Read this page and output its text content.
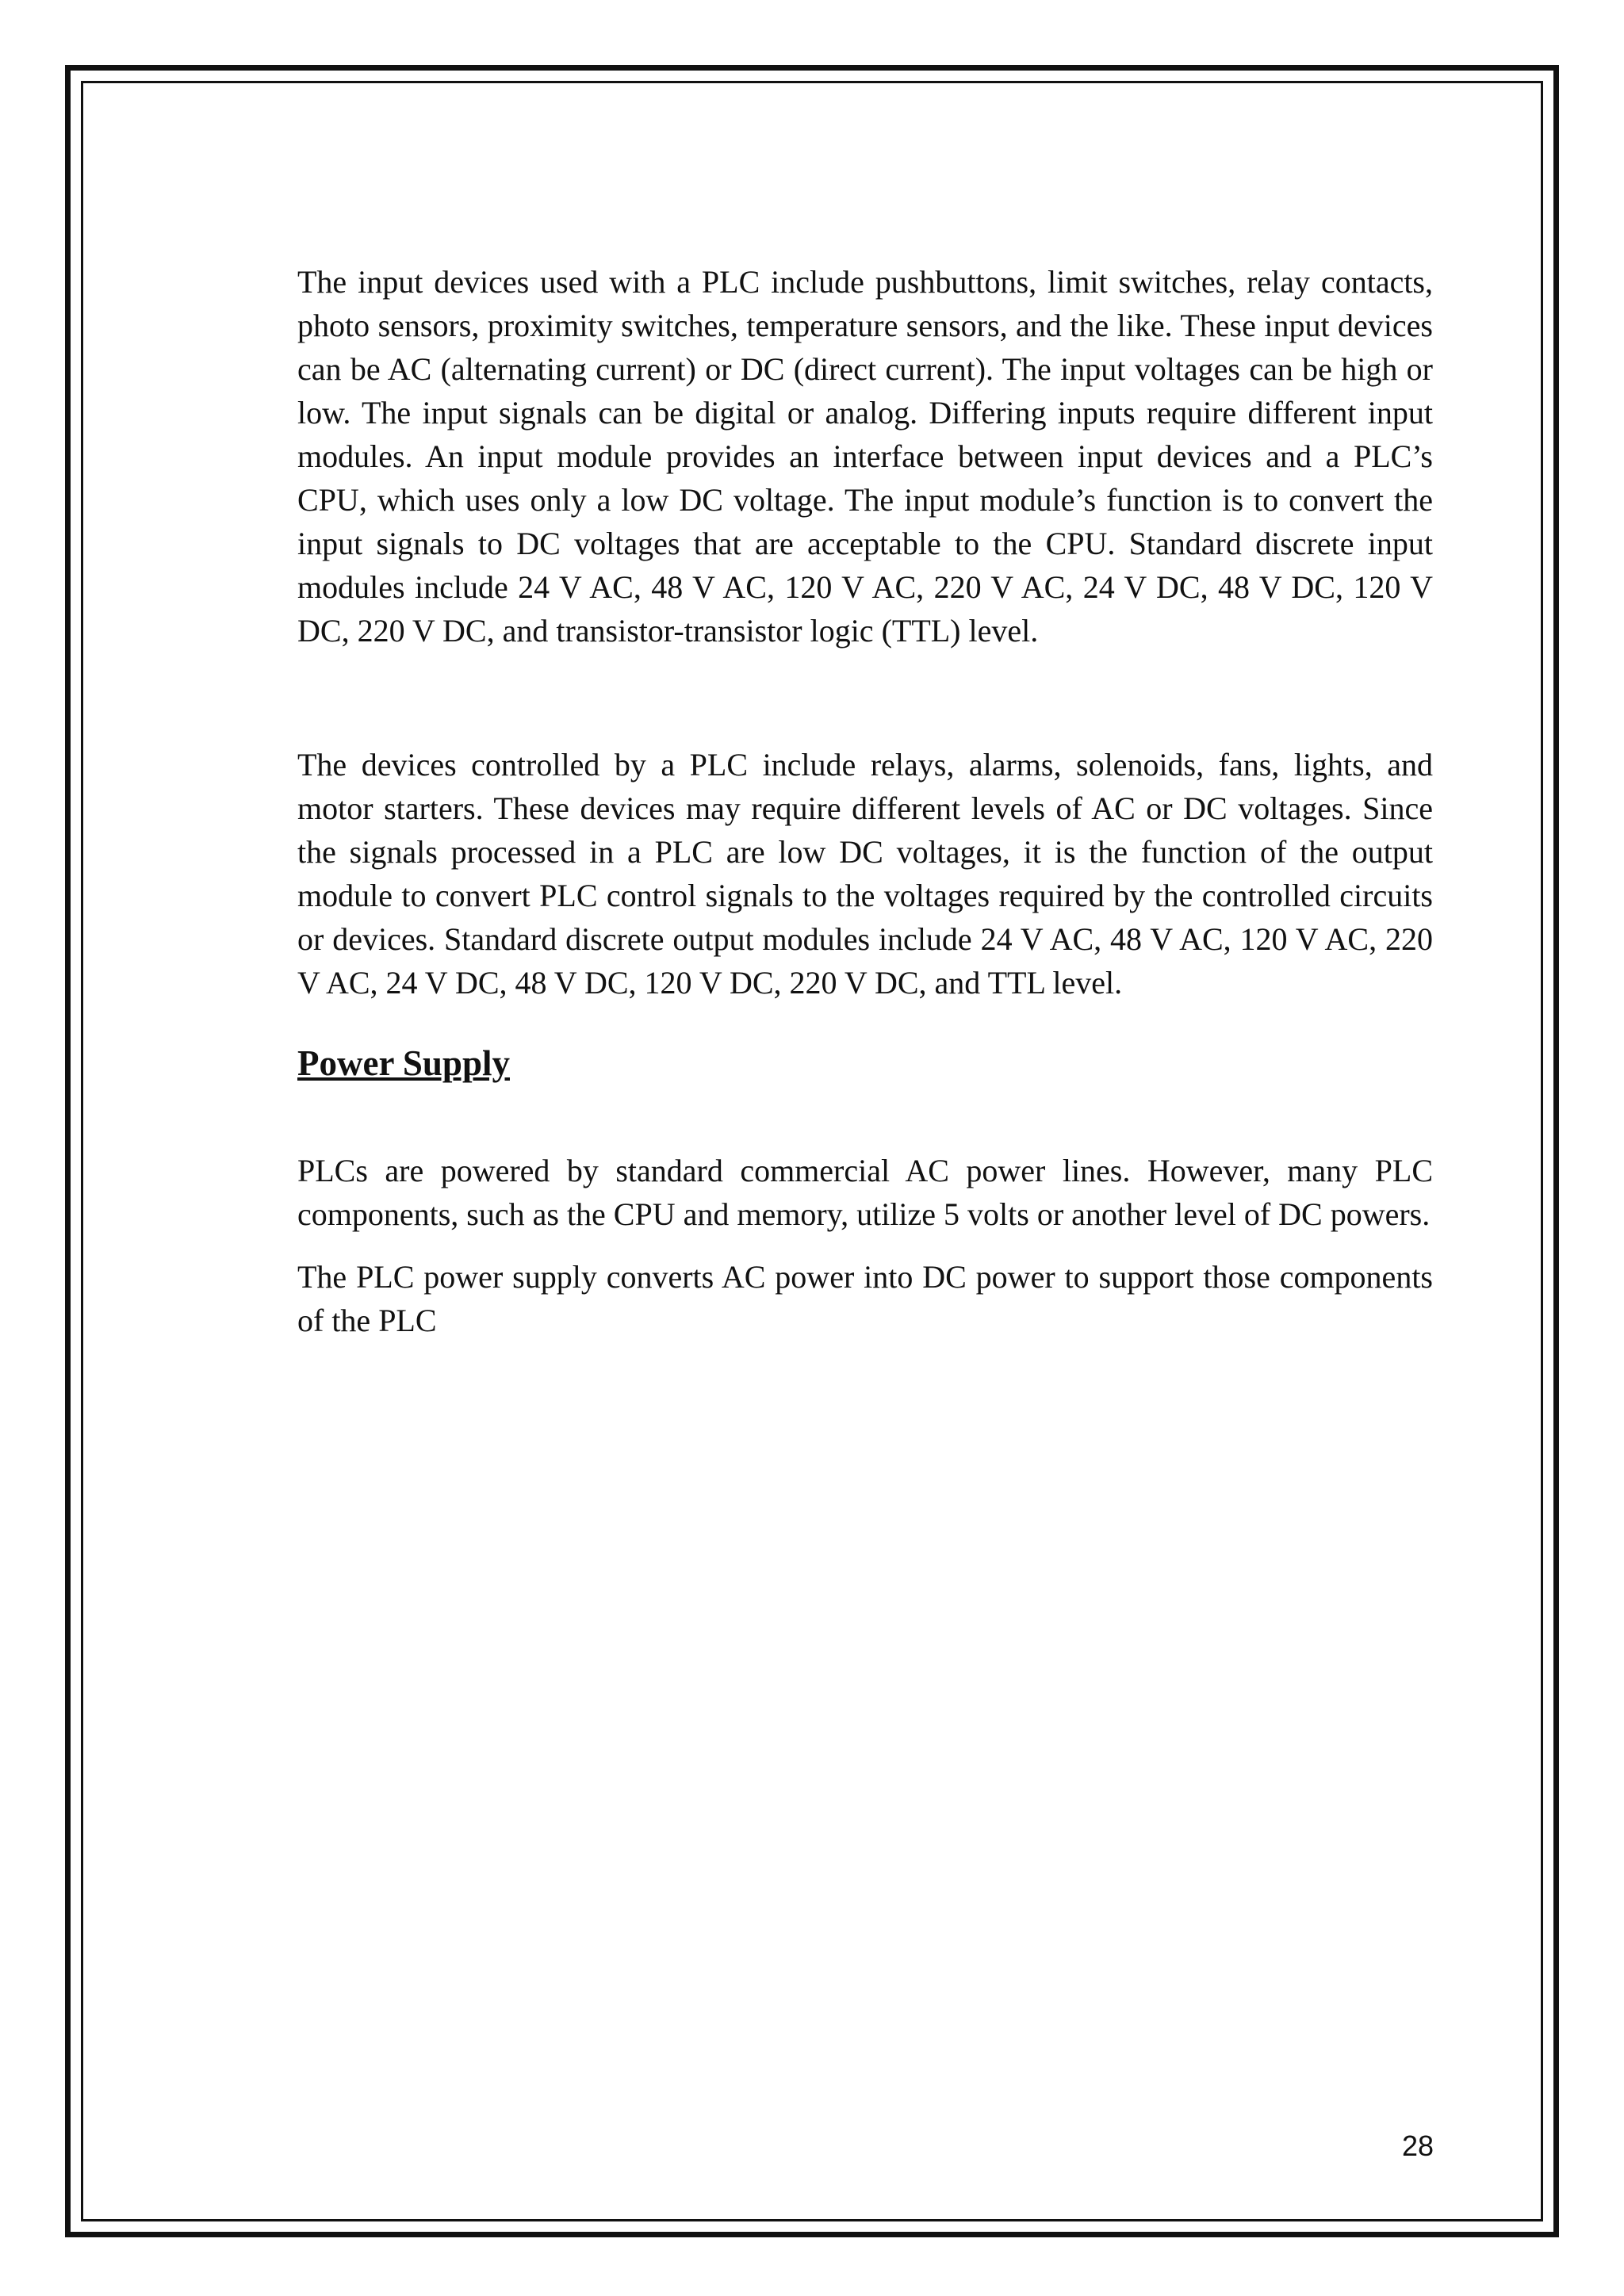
The input devices used with a PLC include pushbuttons, limit switches, relay contacts, photo sensors, proximity switches, temperature sensors, and the like. These input devices can be AC (alternating current) or DC (direct current). The input voltages can be high or low. The input signals can be digital or analog. Differing inputs require different input modules. An input module provides an interface between input devices and a PLC’s CPU, which uses only a low DC voltage. The input module’s function is to convert the input signals to DC voltages that are acceptable to the CPU. Standard discrete input modules include 24 V AC, 48 V AC, 120 V AC, 220 V AC, 24 V DC, 48 V DC, 120 V DC, 220 V DC, and transistor-transistor logic (TTL) level.

The devices controlled by a PLC include relays, alarms, solenoids, fans, lights, and motor starters. These devices may require different levels of AC or DC voltages. Since the signals processed in a PLC are low DC voltages, it is the function of the output module to convert PLC control signals to the voltages required by the controlled circuits or devices. Standard discrete output modules include 24 V AC, 48 V AC, 120 V AC, 220 V AC, 24 V DC, 48 V DC, 120 V DC, 220 V DC, and TTL level.

Power Supply

PLCs are powered by standard commercial AC power lines. However, many PLC components, such as the CPU and memory, utilize 5 volts or another level of DC powers.

The PLC power supply converts AC power into DC power to support those components of the PLC

28
